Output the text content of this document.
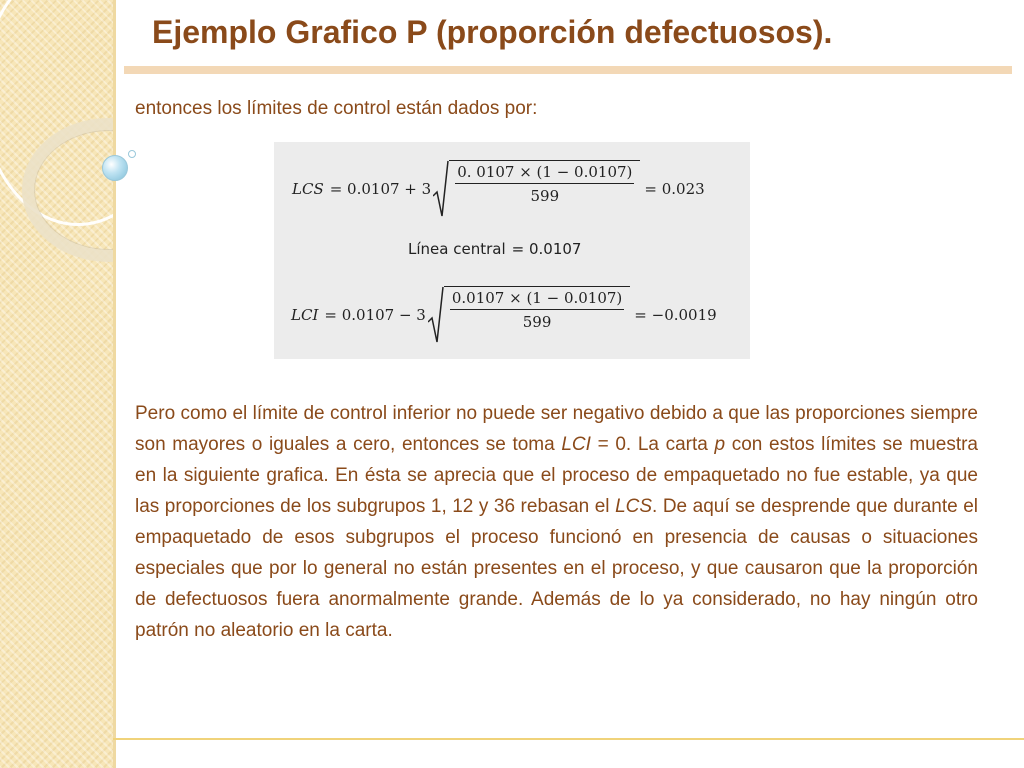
Ejemplo Grafico P (proporción defectuosos).

entonces los límites de control están dados por:

LCS = $0.0107 + 3 \frac{0. 0107 \times (1 - 0.0107)}{599} = 0.023$
Línea central = 0.0107
LCI = $0.0107 - 3 \frac{0.0107 \times (1 - 0.0107)}{599} = -0.0019$

Pero como el límite de control inferior no puede ser negativo debido a que las proporciones siempre son mayores o iguales a cero, entonces se toma LCI = 0. La carta p con estos límites se muestra en la siguiente grafica. En ésta se aprecia que el proceso de empaquetado no fue estable, ya que las proporciones de los subgrupos 1, 12 y 36 rebasan el LCS. De aquí se desprende que durante el empaquetado de esos subgrupos el proceso funcionó en presencia de causas o situaciones especiales que por lo general no están presentes en el proceso, y que causaron que la proporción de defectuosos fuera anormalmente grande. Además de lo ya considerado, no hay ningún otro patrón no aleatorio en la carta.
